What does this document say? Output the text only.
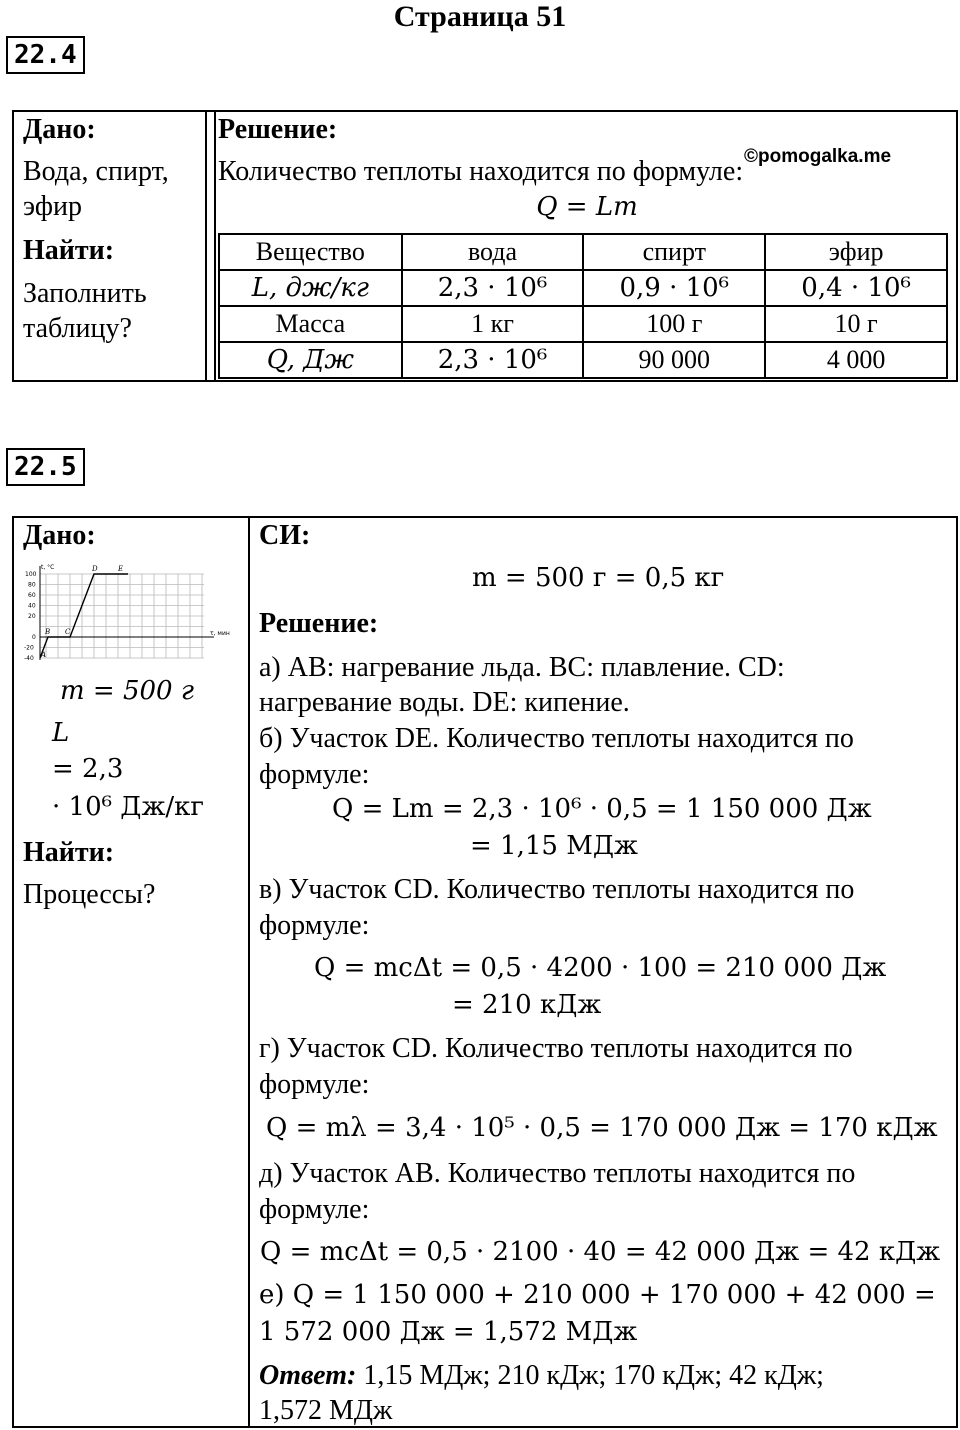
Страница 51
22.4
Дано:
Вода, спирт,
эфир
Найти:
Заполнить
таблицу?
Решение:
©pomogalka.me
Количество теплоты находится по формуле:
Q = Lm
Вещество	вода	спирт	эфир
L, дж/кг	2,3 · 10⁶	0,9 · 10⁶	0,4 · 10⁶
Масса	1 кг	100 г	10 г
Q, Дж	2,3 · 10⁶	90 000	4 000
22.5
Дано:
t, °C
τ, мин
100
80
60
40
20
0
-20
-40 A
B C
D	E
m = 500 г
L
= 2,3
· 10⁶ Дж/кг
Найти:
Процессы?
СИ:
m = 500 г = 0,5 кг
Решение:
а) AB: нагревание льда. BC: плавление. CD:
нагревание воды. DE: кипение.
б) Участок DE. Количество теплоты находится по
формуле:
Q = Lm = 2,3 · 10⁶ · 0,5 = 1 150 000 Дж
= 1,15 МДж
в) Участок CD. Количество теплоты находится по
формуле:
Q = mcΔt = 0,5 · 4200 · 100 = 210 000 Дж
= 210 кДж
г) Участок CD. Количество теплоты находится по
формуле:
Q = mλ = 3,4 · 10⁵ · 0,5 = 170 000 Дж = 170 кДж
д) Участок AB. Количество теплоты находится по
формуле:
Q = mcΔt = 0,5 · 2100 · 40 = 42 000 Дж = 42 кДж
е) Q = 1 150 000 + 210 000 + 170 000 + 42 000 =
1 572 000 Дж = 1,572 МДж
Ответ: 1,15 МДж; 210 кДж; 170 кДж; 42 кДж;
1,572 МДж
